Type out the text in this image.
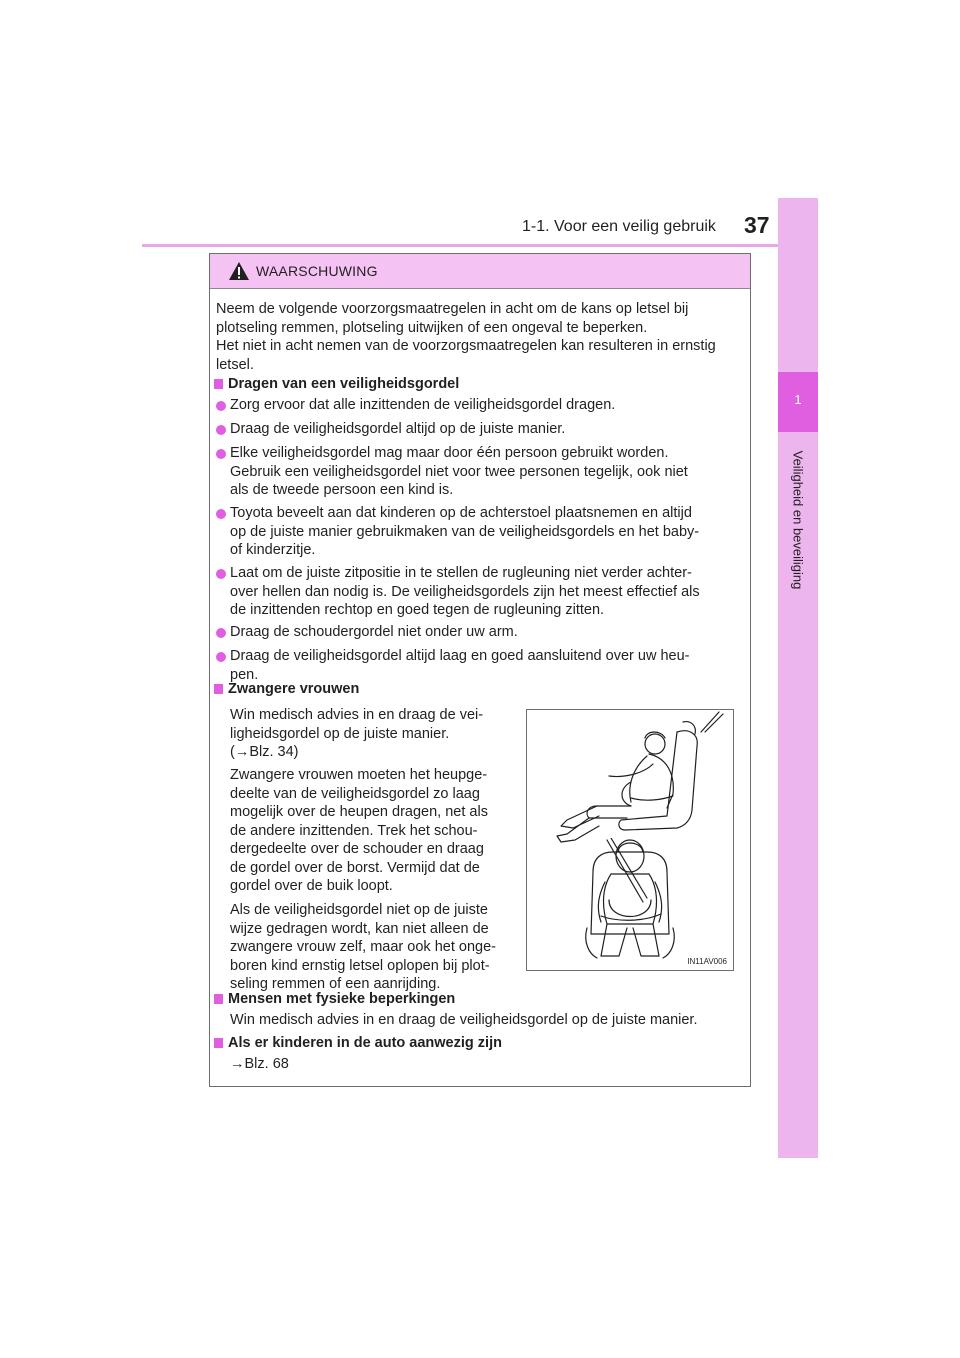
1-1. Voor een veilig gebruik 37
1
Veiligheid en beveiliging
WAARSCHUWING
Neem de volgende voorzorgsmaatregelen in acht om de kans op letsel bij
plotseling remmen, plotseling uitwijken of een ongeval te beperken.
Het niet in acht nemen van de voorzorgsmaatregelen kan resulteren in ernstig
letsel.
Dragen van een veiligheidsgordel
Zorg ervoor dat alle inzittenden de veiligheidsgordel dragen.
Draag de veiligheidsgordel altijd op de juiste manier.
Elke veiligheidsgordel mag maar door één persoon gebruikt worden.
Gebruik een veiligheidsgordel niet voor twee personen tegelijk, ook niet
als de tweede persoon een kind is.
Toyota beveelt aan dat kinderen op de achterstoel plaatsnemen en altijd
op de juiste manier gebruikmaken van de veiligheidsgordels en het baby-
of kinderzitje.
Laat om de juiste zitpositie in te stellen de rugleuning niet verder achter-
over hellen dan nodig is. De veiligheidsgordels zijn het meest effectief als
de inzittenden rechtop en goed tegen de rugleuning zitten.
Draag de schoudergordel niet onder uw arm.
Draag de veiligheidsgordel altijd laag en goed aansluitend over uw heu-
pen.
Zwangere vrouwen
Win medisch advies in en draag de vei-
ligheidsgordel op de juiste manier.
(→Blz. 34)
Zwangere vrouwen moeten het heupge-
deelte van de veiligheidsgordel zo laag
mogelijk over de heupen dragen, net als
de andere inzittenden. Trek het schou-
dergedeelte over de schouder en draag
de gordel over de borst. Vermijd dat de
gordel over de buik loopt.
Als de veiligheidsgordel niet op de juiste
wijze gedragen wordt, kan niet alleen de
zwangere vrouw zelf, maar ook het onge-
boren kind ernstig letsel oplopen bij plot-
seling remmen of een aanrijding.
Mensen met fysieke beperkingen
Win medisch advies in en draag de veiligheidsgordel op de juiste manier.
Als er kinderen in de auto aanwezig zijn
→Blz. 68
IN11AV006
